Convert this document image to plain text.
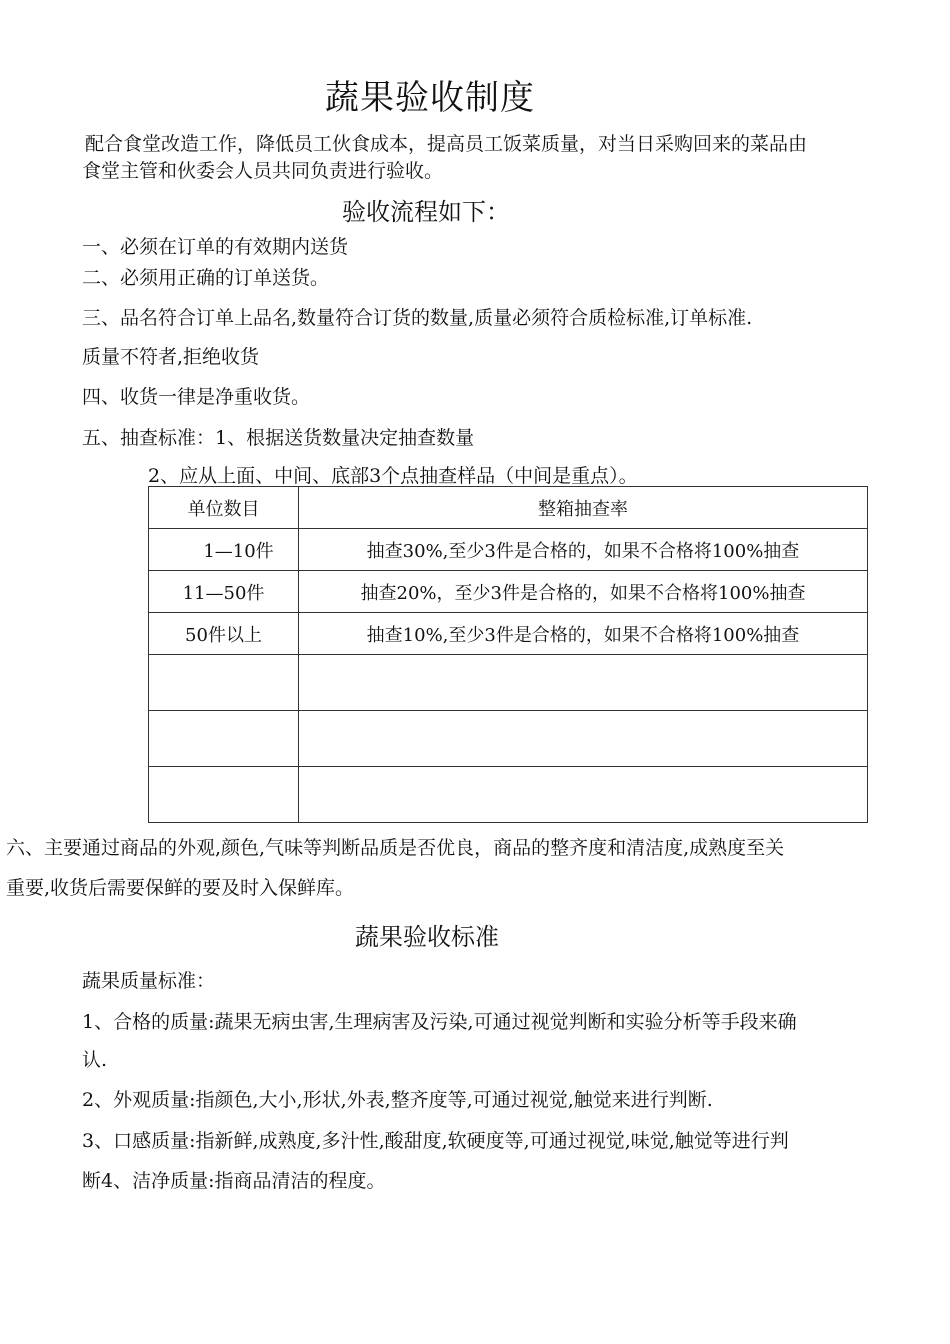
蔬果验收制度
配合食堂改造工作，降低员工伙食成本，提高员工饭菜质量，对当日采购回来的菜品由
食堂主管和伙委会人员共同负责进行验收。
验收流程如下：
一、必须在订单的有效期内送货
二、必须用正确的订单送货。
三、品名符合订单上品名,数量符合订货的数量,质量必须符合质检标准,订单标准.
质量不符者,拒绝收货
四、收货一律是净重收货。
五、抽查标准：1、根据送货数量决定抽查数量
2、应从上面、中间、底部3个点抽查样品（中间是重点）。
单位数目	整箱抽查率
1—10件	抽查30%,至少3件是合格的，如果不合格将100%抽查
11—50件	抽查20%，至少3件是合格的，如果不合格将100%抽查
50件以上	抽查10%,至少3件是合格的，如果不合格将100%抽查

六、主要通过商品的外观,颜色,气味等判断品质是否优良，商品的整齐度和清洁度,成熟度至关
重要,收货后需要保鲜的要及时入保鲜库。
蔬果验收标准
蔬果质量标准：
1、合格的质量:蔬果无病虫害,生理病害及污染,可通过视觉判断和实验分析等手段来确
认.
2、外观质量:指颜色,大小,形状,外表,整齐度等,可通过视觉,触觉来进行判断.
3、口感质量:指新鲜,成熟度,多汁性,酸甜度,软硬度等,可通过视觉,味觉,触觉等进行判
断4、洁净质量:指商品清洁的程度。
